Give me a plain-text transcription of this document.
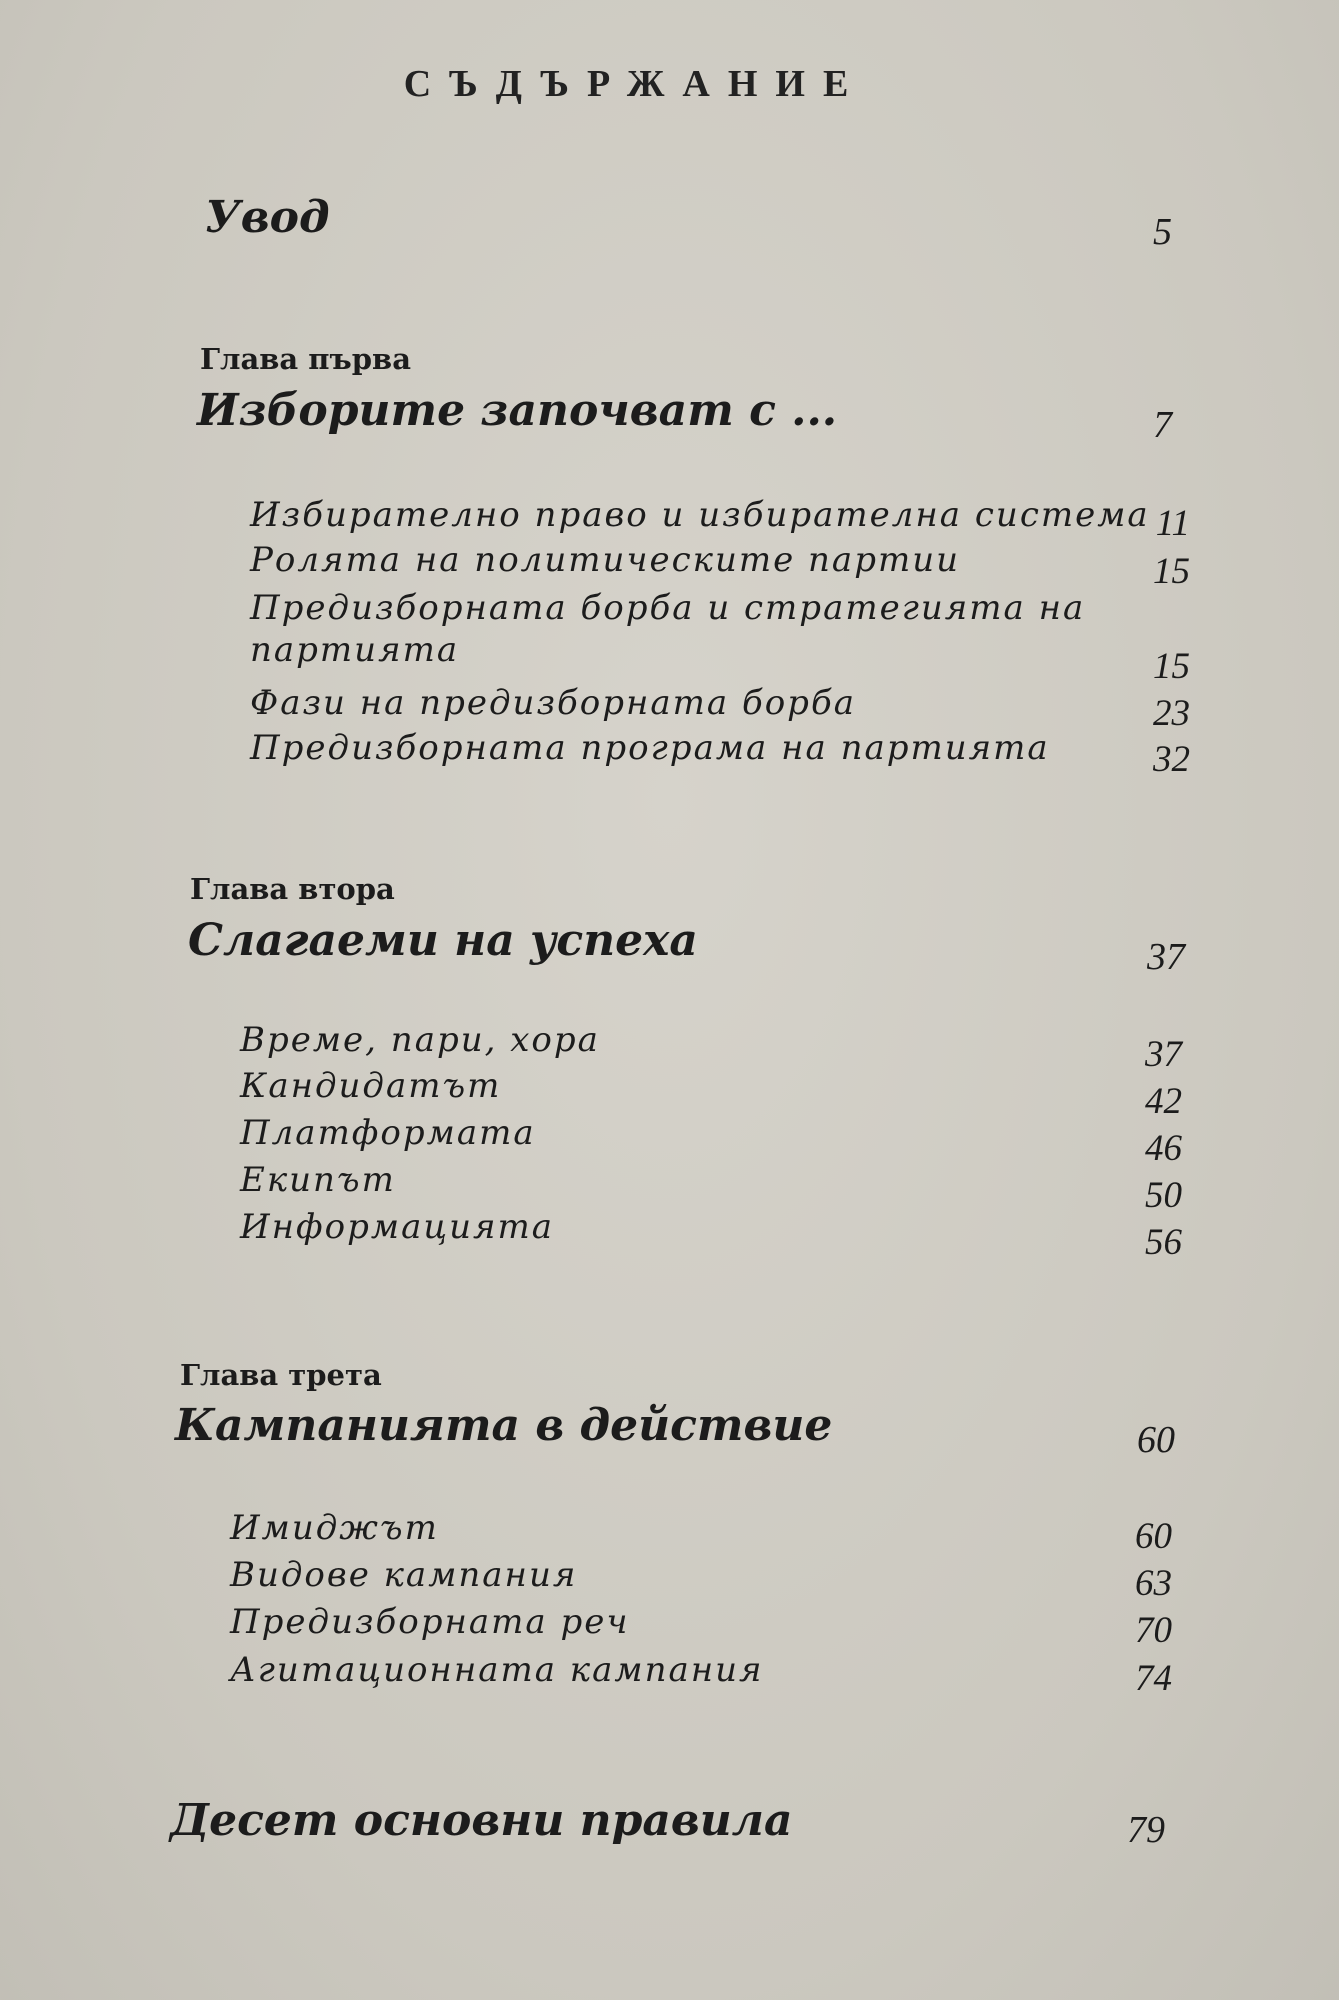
СЪДЪРЖАНИЕ
Увод	5
Глава първа
Изборите започват с ...	7
Избирателно право и избирателна система 11
Ролята на политическите партии	15
Предизборната борба и стратегията на
партията	15
Фази на предизборната борба	23
Предизборната програма на партията	32
Глава втора
Слагаеми на успеха	37
Време, пари, хора	37
Кандидатът	42
Платформата	46
Екипът	50
Информацията	56
Глава трета
Кампанията в действие	60
Имиджът	60
Видове кампания	63
Предизборната реч	70
Агитационната кампания	74
Десет основни правила	79
